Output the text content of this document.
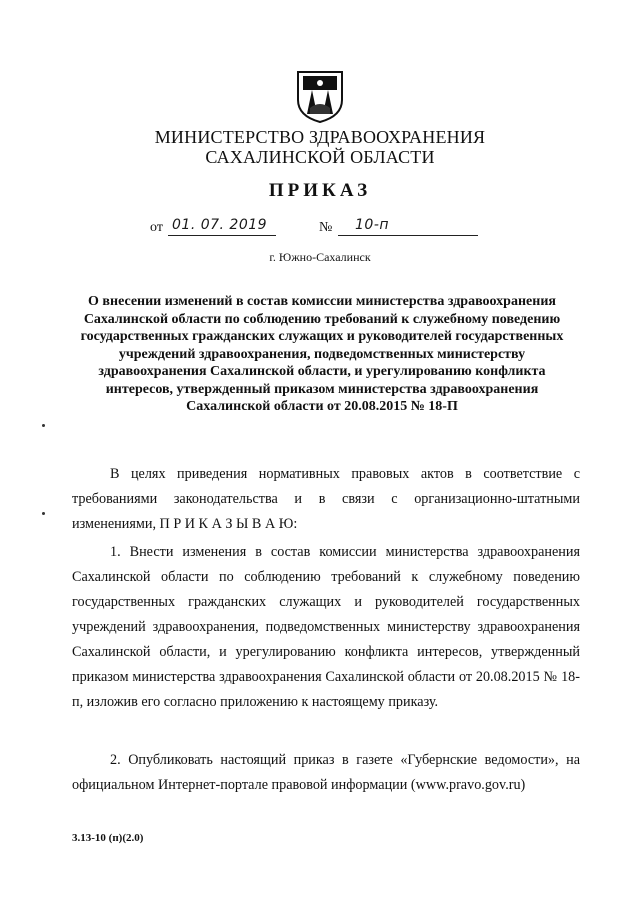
МИНИСТЕРСТВО ЗДРАВООХРАНЕНИЯ
САХАЛИНСКОЙ ОБЛАСТИ
ПРИКАЗ
от 01. 07. 2019	№ 10-п
г. Южно-Сахалинск
О внесении изменений в состав комиссии министерства здравоохранения Сахалинской области по соблюдению требований к служебному поведению государственных гражданских служащих и руководителей государственных учреждений здравоохранения, подведомственных министерству здравоохранения Сахалинской области, и урегулированию конфликта интересов, утвержденный приказом министерства здравоохранения Сахалинской области от 20.08.2015 № 18-П
В целях приведения нормативных правовых актов в соответствие с требованиями законодательства и в связи с организационно-штатными изменениями, П Р И К А З Ы В А Ю:
1. Внести изменения в состав комиссии министерства здравоохранения Сахалинской области по соблюдению требований к служебному поведению государственных гражданских служащих и руководителей государственных учреждений здравоохранения, подведомственных министерству здравоохранения Сахалинской области, и урегулированию конфликта интересов, утвержденный приказом министерства здравоохранения Сахалинской области от 20.08.2015 № 18-п, изложив его согласно приложению к настоящему приказу.
2. Опубликовать настоящий приказ в газете «Губернские ведомости», на официальном Интернет-портале правовой информации (www.pravo.gov.ru)
3.13-10 (п)(2.0)
